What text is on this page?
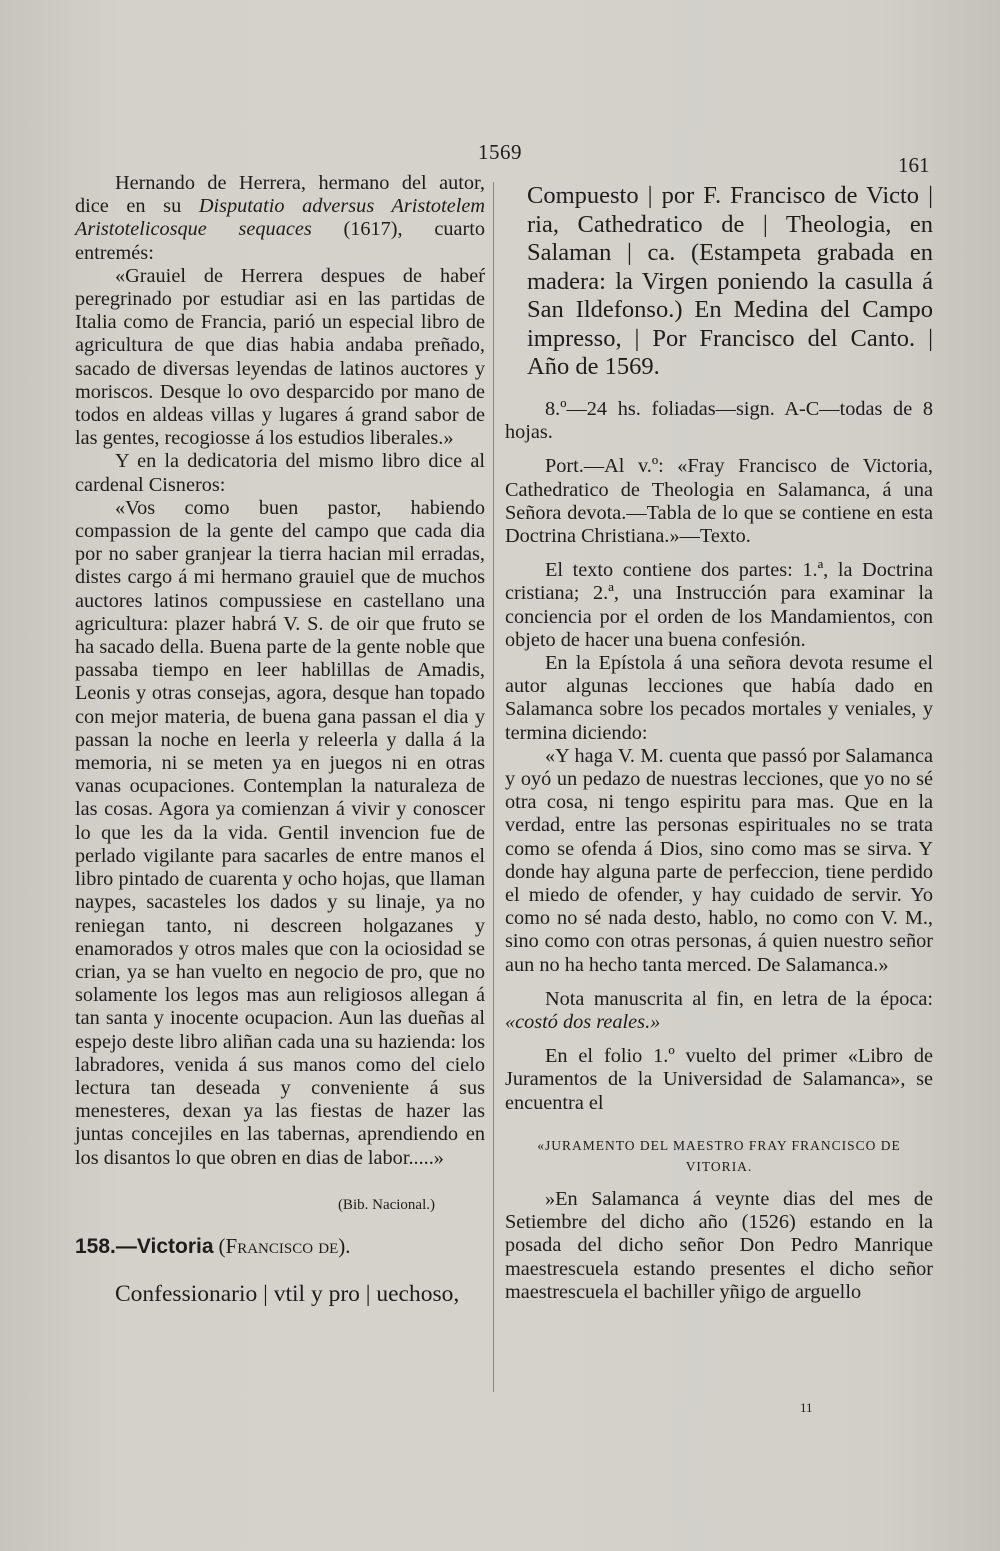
1569
161

Hernando de Herrera, hermano del autor, dice en su Disputatio adversus Aristotelem Aristotelicosque sequaces (1617), cuarto entremés:

«Grauiel de Herrera despues de habeŕ peregrinado por estudiar asi en las partidas de Italia como de Francia, parió un especial libro de agricultura de que dias habia andaba preñado, sacado de diversas leyendas de latinos auctores y moriscos. Desque lo ovo desparcido por mano de todos en aldeas villas y lugares á grand sabor de las gentes, recogiosse á los estudios liberales.»

Y en la dedicatoria del mismo libro dice al cardenal Cisneros:

«Vos como buen pastor, habiendo compassion de la gente del campo que cada dia por no saber granjear la tierra hacian mil erradas, distes cargo á mi hermano grauiel que de muchos auctores latinos compussiese en castellano una agricultura: plazer habrá V. S. de oir que fruto se ha sacado della. Buena parte de la gente noble que passaba tiempo en leer hablillas de Amadis, Leonis y otras consejas, agora, desque han topado con mejor materia, de buena gana passan el dia y passan la noche en leerla y releerla y dalla á la memoria, ni se meten ya en juegos ni en otras vanas ocupaciones. Contemplan la naturaleza de las cosas. Agora ya comienzan á vivir y conoscer lo que les da la vida. Gentil invencion fue de perlado vigilante para sacarles de entre manos el libro pintado de cuarenta y ocho hojas, que llaman naypes, sacasteles los dados y su linaje, ya no reniegan tanto, ni descreen holgazanes y enamorados y otros males que con la ociosidad se crian, ya se han vuelto en negocio de pro, que no solamente los legos mas aun religiosos allegan á tan santa y inocente ocupacion. Aun las dueñas al espejo deste libro aliñan cada una su hazienda: los labradores, venida á sus manos como del cielo lectura tan deseada y conveniente á sus menesteres, dexan ya las fiestas de hazer las juntas concejiles en las tabernas, aprendiendo en los disantos lo que obren en dias de labor.....»

(Bib. Nacional.)

158.—Victoria (Francisco de).

Confessionario | vtil y pro | uechoso,

Compuesto | por F. Francisco de Victo | ria, Cathedratico de | Theologia, en Salaman | ca. (Estampeta grabada en madera: la Virgen poniendo la casulla á San Ildefonso.) En Medina del Campo impresso, | Por Francisco del Canto. | Año de 1569.

8.º—24 hs. foliadas—sign. A-C—todas de 8 hojas.

Port.—Al v.º: «Fray Francisco de Victoria, Cathedratico de Theologia en Salamanca, á una Señora devota.—Tabla de lo que se contiene en esta Doctrina Christiana.»—Texto.

El texto contiene dos partes: 1.ª, la Doctrina cristiana; 2.ª, una Instrucción para examinar la conciencia por el orden de los Mandamientos, con objeto de hacer una buena confesión.

En la Epístola á una señora devota resume el autor algunas lecciones que había dado en Salamanca sobre los pecados mortales y veniales, y termina diciendo:

«Y haga V. M. cuenta que passó por Salamanca y oyó un pedazo de nuestras lecciones, que yo no sé otra cosa, ni tengo espiritu para mas. Que en la verdad, entre las personas espirituales no se trata como se ofenda á Dios, sino como mas se sirva. Y donde hay alguna parte de perfeccion, tiene perdido el miedo de ofender, y hay cuidado de servir. Yo como no sé nada desto, hablo, no como con V. M., sino como con otras personas, á quien nuestro señor aun no ha hecho tanta merced. De Salamanca.»

Nota manuscrita al fin, en letra de la época: «costó dos reales.»

En el folio 1.º vuelto del primer «Libro de Juramentos de la Universidad de Salamanca», se encuentra el

«JURAMENTO DEL MAESTRO FRAY FRANCISCO DE VITORIA.

»En Salamanca á veynte dias del mes de Setiembre del dicho año (1526) estando en la posada del dicho señor Don Pedro Manrique maestrescuela estando presentes el dicho señor maestrescuela el bachiller yñigo de arguello

11
